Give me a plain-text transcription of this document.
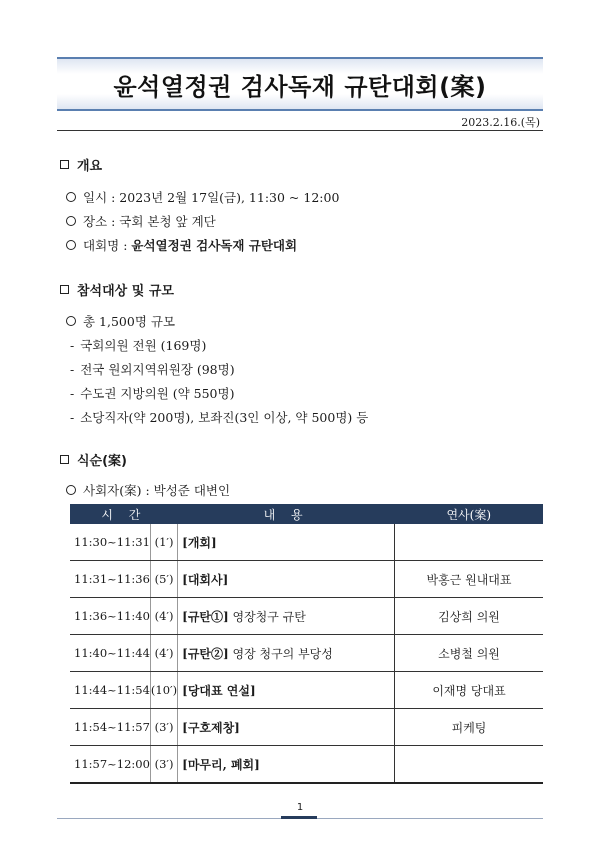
윤석열정권 검사독재 규탄대회(案)
2023.2.16.(목)
개요
일시 : 2023년 2월 17일(금), 11:30 ~ 12:00
장소 : 국회 본청 앞 계단
대회명 : 윤석열정권 검사독재 규탄대회
참석대상 및 규모
총 1,500명 규모
- 국회의원 전원 (169명)
- 전국 원외지역위원장 (98명)
- 수도권 지방의원 (약 550명)
- 소당직자(약 200명), 보좌진(3인 이상, 약 500명) 등
식순(案)
사회자(案) : 박성준 대변인
시 간		내 용	연사(案)
11:30~11:31	(1′)	[개회]	
11:31~11:36	(5′)	[대회사]	박홍근 원내대표
11:36~11:40	(4′)	[규탄①] 영장청구 규탄	김상희 의원
11:40~11:44	(4′)	[규탄②] 영장 청구의 부당성	소병철 의원
11:44~11:54	(10′)	[당대표 연설]	이재명 당대표
11:54~11:57	(3′)	[구호제창]	피케팅
11:57~12:00	(3′)	[마무리, 폐회]	
1
